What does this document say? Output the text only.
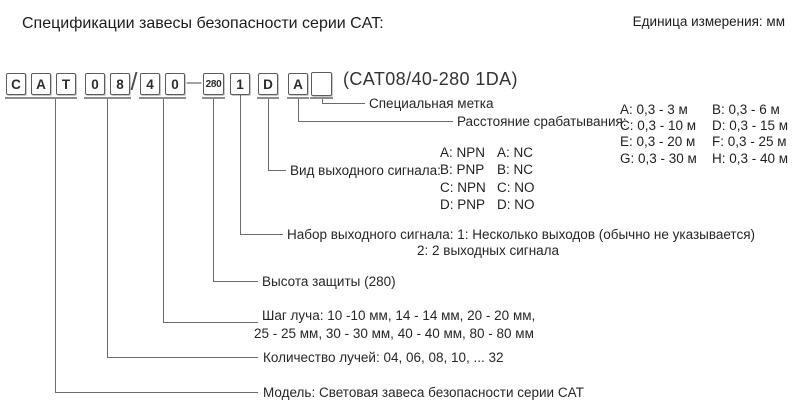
Спецификации завесы безопасности серии CAT:	Единица измерения: мм
C	A	T	0	8 / 4	0 — 280	1	D	A (CAT08/40-280 1DA)
Специальная метка
Расстояние срабатывания:
A: 0,3 - 3 м	B: 0,3 - 6 м
C: 0,3 - 10 м	D: 0,3 - 15 м
E: 0,3 - 20 м	F: 0,3 - 25 м
G: 0,3 - 30 м	H: 0,3 - 40 м
Вид выходного сигнала:
A: NPN A: NC
B: PNP B: NC
C: NPN C: NO
D: PNP D: NO
Набор выходного сигнала: 1: Несколько выходов (обычно не указывается)
2: 2 выходных сигнала
Высота защиты (280)
Шаг луча: 10 -10 мм, 14 - 14 мм, 20 - 20 мм,
25 - 25 мм, 30 - 30 мм, 40 - 40 мм, 80 - 80 мм
Количество лучей: 04, 06, 08, 10, ... 32
Модель: Световая завеса безопасности серии CAT
